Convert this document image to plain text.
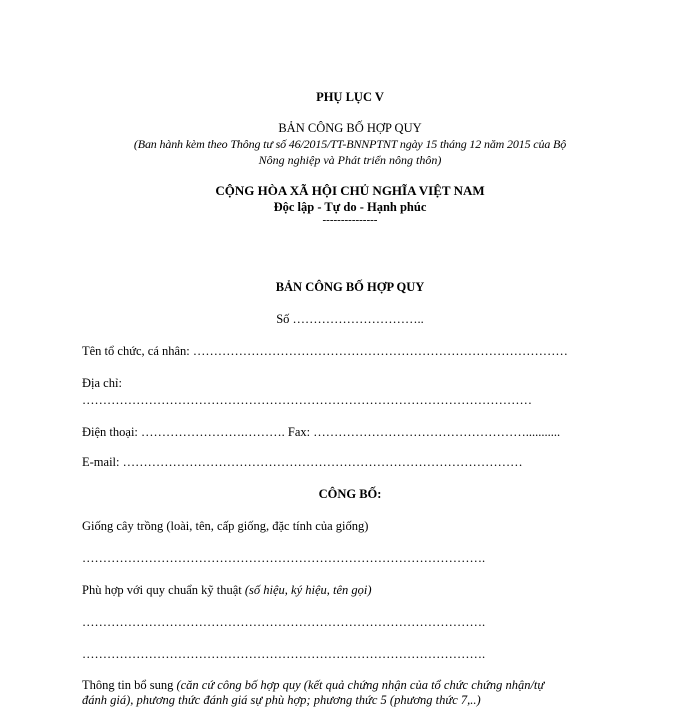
PHỤ LỤC V
BẢN CÔNG BỐ HỢP QUY
(Ban hành kèm theo Thông tư số 46/2015/TT-BNNPTNT ngày 15 tháng 12 năm 2015 của Bộ
Nông nghiệp và Phát triển nông thôn)
CỘNG HÒA XÃ HỘI CHỦ NGHĨA VIỆT NAM
Độc lập - Tự do - Hạnh phúc
---------------
BẢN CÔNG BỐ HỢP QUY
Số …………………………..
Tên tổ chức, cá nhân: ………………………………………………………………………………
Địa chỉ:
………………………………………………………………………………………………
Điện thoại: …………………….………. Fax: ……………………………………………...........
E-mail: ……………………………………………………………………………………
CÔNG BỐ:
Giống cây trồng (loài, tên, cấp giống, đặc tính của giống)
…………………………………………………………………………………….
Phù hợp với quy chuẩn kỹ thuật (số hiệu, ký hiệu, tên gọi)
…………………………………………………………………………………….
…………………………………………………………………………………….
Thông tin bổ sung (căn cứ công bố hợp quy (kết quả chứng nhận của tổ chức chứng nhận/tự
đánh giá), phương thức đánh giá sự phù hợp; phương thức 5 (phương thức 7,..)
